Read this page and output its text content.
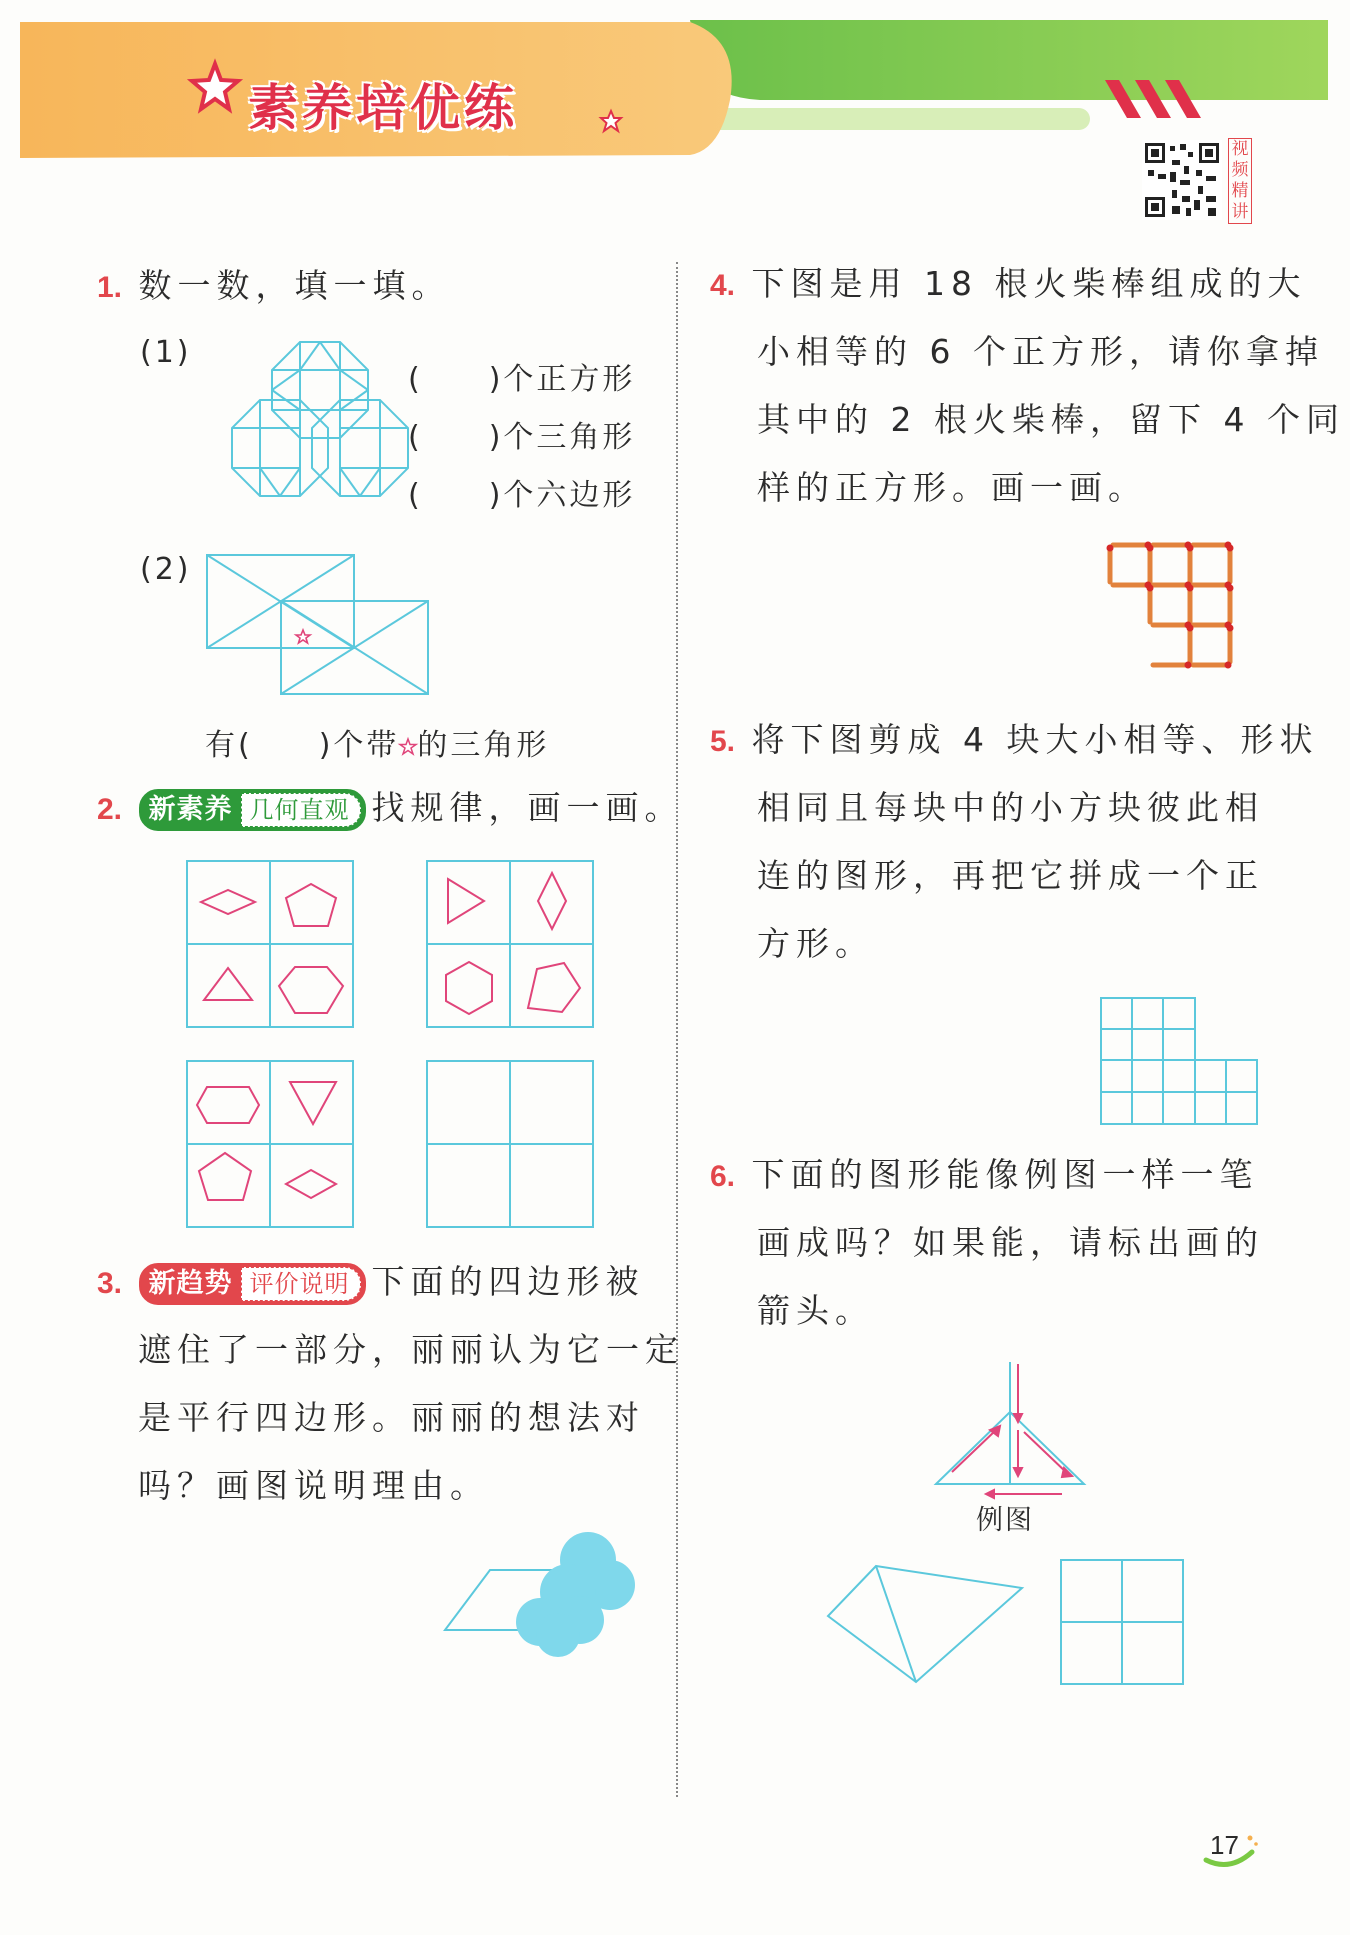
素养培优练
视频精讲
1. 数一数，填一填。
(1)
(　　)个正方形
(　　)个三角形
(　　)个六边形
(2)
有(　　)个带 的三角形
2. 新素养 几何直观 找规律，画一画。
3. 新趋势 评价说明 下面的四边形被
遮住了一部分，丽丽认为它一定
是平行四边形。丽丽的想法对
吗？画图说明理由。
4. 下图是用 18 根火柴棒组成的大
小相等的 6 个正方形，请你拿掉
其中的 2 根火柴棒，留下 4 个同
样的正方形。画一画。
5. 将下图剪成 4 块大小相等、形状
相同且每块中的小方块彼此相
连的图形，再把它拼成一个正
方形。
6. 下面的图形能像例图一样一笔
画成吗？如果能，请标出画的
箭头。
例图
17
